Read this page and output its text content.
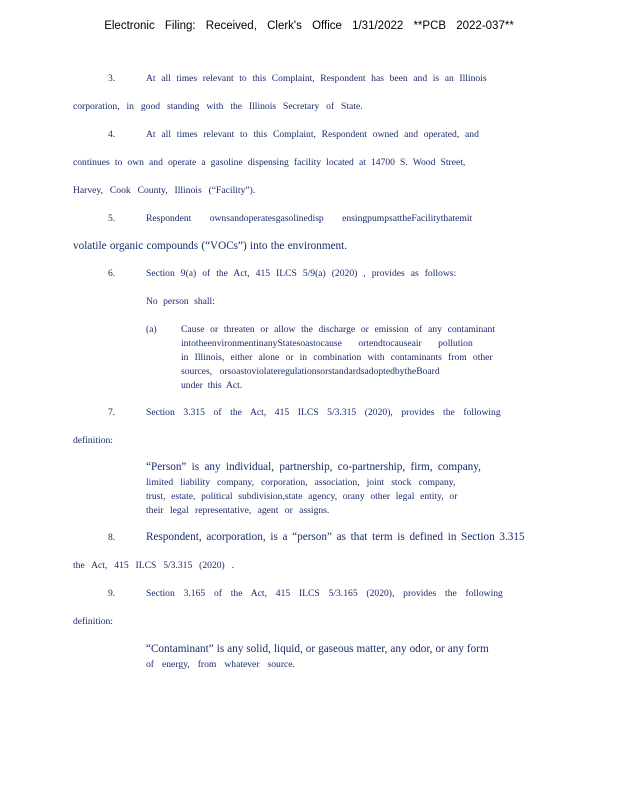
Electronic Filing: Received, Clerk's Office 1/31/2022 **PCB 2022-037**
3.	At all times relevant to this Complaint, Respondent has been and is an Illinois
corporation, in good standing with the Illinois Secretary of State.
4.	At all times relevant to this Complaint, Respondent owned and operated, and
continues to own and operate a gasoline dispensing facility located at 14700 S. Wood Street,
Harvey, Cook County, Illinois (“Facility”).
5.	Respondent ownsandoperatesgasolinedisp ensingpumpsattheFacilitythatemit
volatile organic compounds (“VOCs”) into the environment.
6.	Section 9(a) of the Act, 415 ILCS 5/9(a) (2020) , provides as follows:
No person shall:
(a)	Cause or threaten or allow the discharge or emission of any contaminant
intotheenvironmentinanyStatesoastocause ortendtocauseair pollution
in Illinois, either alone or in combination with contaminants from other
sources, orsoastoviolateregulationsorstandardsadoptedbytheBoard
under this Act.
7.	Section 3.315 of the Act, 415 ILCS 5/3.315 (2020), provides the following
definition:
“Person” is any individual, partnership, co-partnership, firm, company,
limited liability company, corporation, association, joint stock company,
trust, estate, political subdivision,state agency, orany other legal entity, or
their legal representative, agent or assigns.
8.	Respondent, acorporation, is a “person” as that term is defined in Section 3.315
the Act, 415 ILCS 5/3.315 (2020) .
9.	Section 3.165 of the Act, 415 ILCS 5/3.165 (2020), provides the following
definition:
“Contaminant” is any solid, liquid, or gaseous matter, any odor, or any form
of energy, from whatever source.
